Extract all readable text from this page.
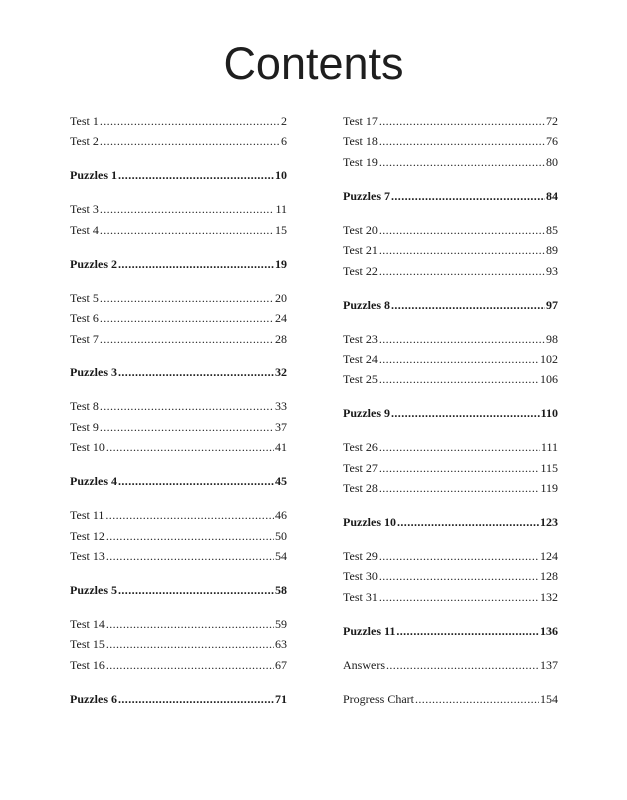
Contents
Test 1 .....	2
Test 2 .....	6
Puzzles 1 .....	10
Test 3 .....	11
Test 4 .....	15
Puzzles 2 .....	19
Test 5 .....	20
Test 6 .....	24
Test 7 .....	28
Puzzles 3 .....	32
Test 8 .....	33
Test 9 .....	37
Test 10 .....	41
Puzzles 4 .....	45
Test 11 .....	46
Test 12 .....	50
Test 13 .....	54
Puzzles 5 .....	58
Test 14 .....	59
Test 15 .....	63
Test 16 .....	67
Puzzles 6 .....	71
Test 17 .....	72
Test 18 .....	76
Test 19 .....	80
Puzzles 7 .....	84
Test 20 .....	85
Test 21 .....	89
Test 22 .....	93
Puzzles 8 .....	97
Test 23 .....	98
Test 24 .....	102
Test 25 .....	106
Puzzles 9 .....	110
Test 26 .....	111
Test 27 .....	115
Test 28 .....	119
Puzzles 10 .....	123
Test 29 .....	124
Test 30 .....	128
Test 31 .....	132
Puzzles 11 .....	136
Answers .....	137
Progress Chart .....	154
